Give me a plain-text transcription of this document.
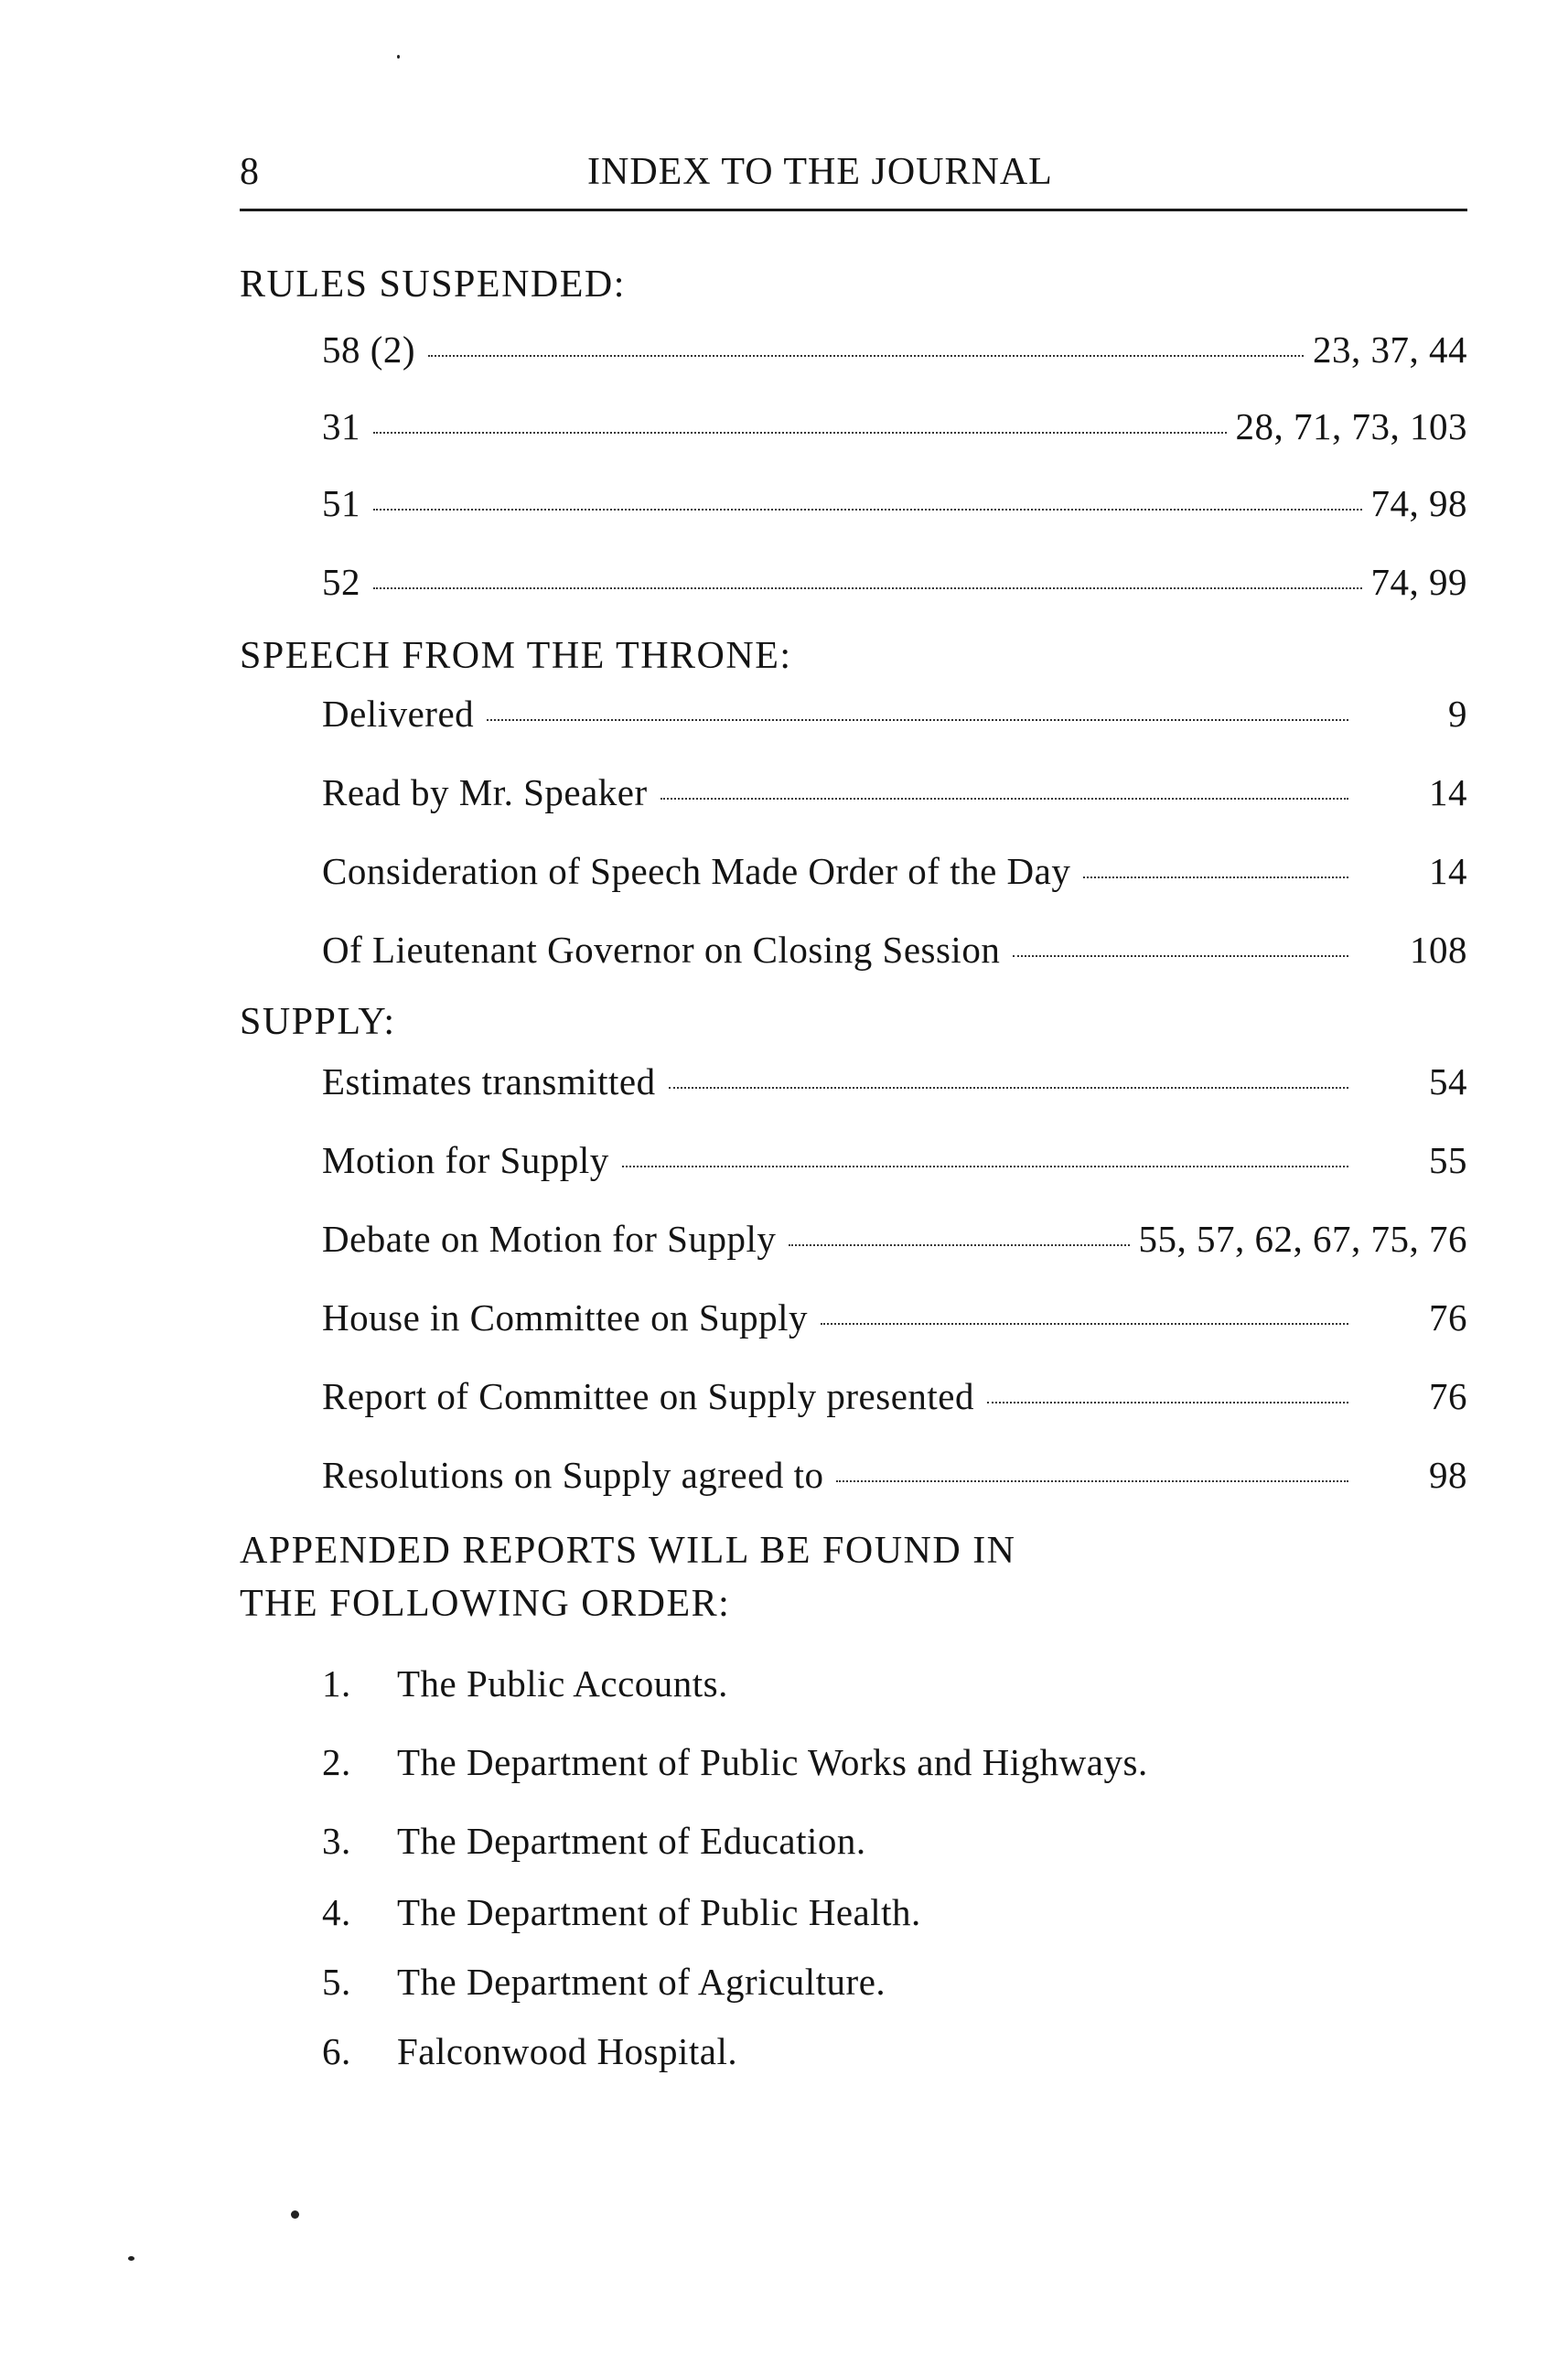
8	INDEX TO THE JOURNAL
RULES SUSPENDED:
58 (2)	23, 37, 44
31	28, 71, 73, 103
51	74, 98
52	74, 99
SPEECH FROM THE THRONE:
Delivered	9
Read by Mr. Speaker	14
Consideration of Speech Made Order of the Day	14
Of Lieutenant Governor on Closing Session	108
SUPPLY:
Estimates transmitted	54
Motion for Supply	55
Debate on Motion for Supply	55, 57, 62, 67, 75, 76
House in Committee on Supply	76
Report of Committee on Supply presented	76
Resolutions on Supply agreed to	98
APPENDED REPORTS WILL BE FOUND IN
THE FOLLOWING ORDER:
1. The Public Accounts.
2. The Department of Public Works and Highways.
3. The Department of Education.
4. The Department of Public Health.
5. The Department of Agriculture.
6. Falconwood Hospital.
